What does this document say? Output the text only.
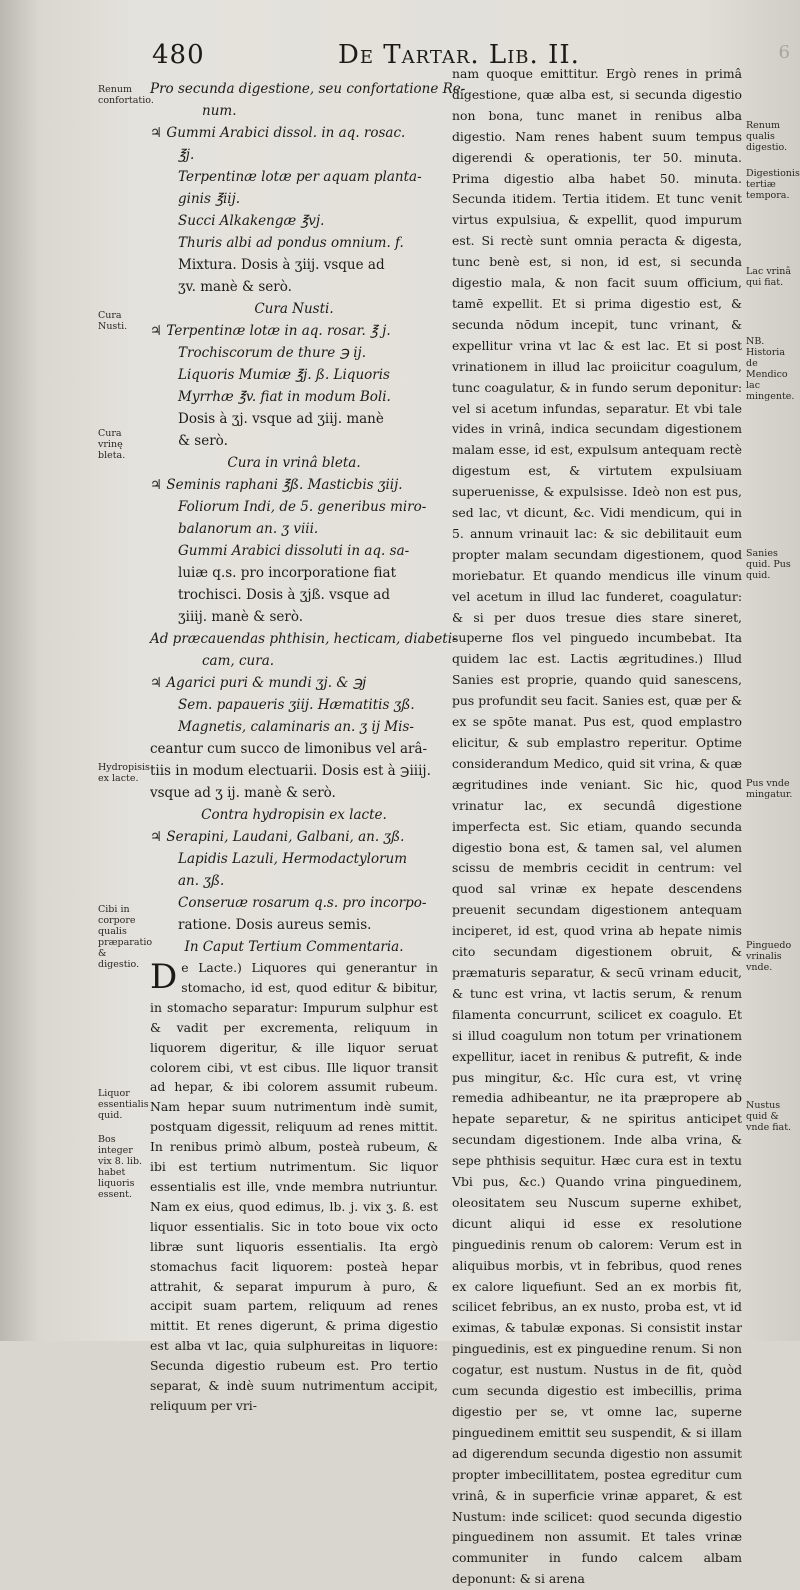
480	De Tartar. Lib. II.	6
Pro secunda digestione, seu confortatione Re-
num.
♃ Gummi Arabici dissol. in aq. rosac.
℥j.
Terpentinæ lotæ per aquam planta-
ginis ℥iij.
Succi Alkakengæ ℥vj.
Thuris albi ad pondus omnium. f.
Mixtura. Dosis à ʒiij. vsque ad
ʒv. manè & serò.
Cura Nusti.
♃ Terpentinæ lotæ in aq. rosar. ℥ j.
Trochiscorum de thure ℈ ij.
Liquoris Mumiæ ℥j. ß. Liquoris
Myrrhæ ℥v. fiat in modum Boli.
Dosis à ʒj. vsque ad ʒiij. manè
& serò.
Cura in vrinâ bleta.
♃ Seminis raphani ℥ß. Masticbis ʒiij.
Foliorum Indi, de 5. generibus miro-
balanorum an. ʒ viii.
Gummi Arabici dissoluti in aq. sa-
luiæ q.s. pro incorporatione fiat
trochisci. Dosis à ʒjß. vsque ad
ʒiiij. manè & serò.
Ad præcauendas phthisin, hecticam, diabeti-
cam, cura.
♃ Agarici puri & mundi ʒj. & ℈j
Sem. papaueris ʒiij. Hæmatitis ʒß.
Magnetis, calaminaris an. ʒ ij Mis-
ceantur cum succo de limonibus vel arâ-
tiis in modum electuarii. Dosis est à ℈iiij.
vsque ad ʒ ij. manè & serò.
Contra hydropisin ex lacte.
♃ Serapini, Laudani, Galbani, an. ʒß.
Lapidis Lazuli, Hermodactylorum
an. ʒß.
Conseruæ rosarum q.s. pro incorpo-
ratione. Dosis aureus semis.
In Caput Tertium Commentaria.
De Lacte.) Liquores qui generantur in stomacho, id est, quod editur & bibitur, in stomacho separatur: Impurum sulphur est & vadit per excrementa, reliquum in liquorem digeritur, & ille liquor seruat colorem cibi, vt est cibus. Ille liquor transit ad hepar, & ibi colorem assumit rubeum. Nam hepar suum nutrimentum indè sumit, postquam digessit, reliquum ad renes mittit. In renibus primò album, posteà rubeum, & ibi est tertium nutrimentum. Sic liquor essentialis est ille, vnde membra nutriuntur. Nam ex eius, quod edimus, lb. j. vix ʒ. ß. est liquor essentialis. Sic in toto boue vix octo libræ sunt liquoris essentialis. Ita ergò stomachus facit liquorem: posteà hepar attrahit, & separat impurum à puro, & accipit suam partem, reliquum ad renes mittit. Et renes digerunt, & prima digestio est alba vt lac, quia sulphureitas in liquore: Secunda digestio rubeum est. Pro tertio separat, & indè suum nutrimentum accipit, reliquum per vri-
nam quoque emittitur. Ergò renes in primâ digestione, quæ alba est, si secunda digestio non bona, tunc manet in renibus alba digestio. Nam renes habent suum tempus digerendi & operationis, ter 50. minuta. Prima digestio alba habet 50. minuta. Secunda itidem. Tertia itidem. Et tunc venit virtus expulsiua, & expellit, quod impurum est. Si rectè sunt omnia peracta & digesta, tunc benè est, si non, id est, si secunda digestio mala, & non facit suum officium, tamē expellit. Et si prima digestio est, & secunda nōdum incepit, tunc vrinant, & expellitur vrina vt lac & est lac. Et si post vrinationem in illud lac proiicitur coagulum, tunc coagulatur, & in fundo serum deponitur: vel si acetum infundas, separatur. Et vbi tale vides in vrinâ, indica secundam digestionem malam esse, id est, expulsum antequam rectè digestum est, & virtutem expulsiuam superuenisse, & expulsisse. Ideò non est pus, sed lac, vt dicunt, &c. Vidi mendicum, qui in 5. annum vrinauit lac: & sic debilitauit eum propter malam secundam digestionem, quod moriebatur. Et quando mendicus ille vinum vel acetum in illud lac funderet, coagulatur: & si per duos tresue dies stare sineret, superne flos vel pinguedo incumbebat. Ita quidem lac est. Lactis ægritudines.) Illud Sanies est proprie, quando quid sanescens, pus profundit seu facit. Sanies est, quæ per & ex se spōte manat. Pus est, quod emplastro elicitur, & sub emplastro reperitur. Optime considerandum Medico, quid sit vrina, & quæ ægritudines inde veniant. Sic hic, quod vrinatur lac, ex secundâ digestione imperfecta est. Sic etiam, quando secunda digestio bona est, & tamen sal, vel alumen scissu de membris cecidit in centrum: vel quod sal vrinæ ex hepate descendens preuenit secundam digestionem antequam inciperet, id est, quod vrina ab hepate nimis cito secundam digestionem obruit, & præmaturis separatur, & secū vrinam educit, & tunc est vrina, vt lactis serum, & renum filamenta concurrunt, scilicet ex coagulo. Et si illud coagulum non totum per vrinationem expellitur, iacet in renibus & putrefit, & inde pus mingitur, &c. Hîc cura est, vt vrinę remedia adhibeantur, ne ita præpropere ab hepate separetur, & ne spiritus anticipet secundam digestionem. Inde alba vrina, & sepe phthisis sequitur. Hæc cura est in textu Vbi pus, &c.) Quando vrina pinguedinem, oleositatem seu Nuscum superne exhibet, dicunt aliqui id esse ex resolutione pinguedinis renum ob calorem: Verum est in aliquibus morbis, vt in febribus, quod renes ex calore liquefiunt. Sed an ex morbis fit, scilicet febribus, an ex nusto, proba est, vt id eximas, & tabulæ exponas. Si consistit instar pinguedinis, est ex pinguedine renum. Si non cogatur, est nustum. Nustus in de fit, quòd cum secunda digestio est imbecillis, prima digestio per se, vt omne lac, superne pinguedinem emittit seu suspendit, & si illam ad digerendum secunda digestio non assumit propter imbecillitatem, postea egreditur cum vrinâ, & in superficie vrinæ apparet, & est Nustum: inde scilicet: quod secunda digestio pinguedinem non assumit. Et tales vrinæ communiter in fundo calcem albam deponunt: & si arena
Renum confortatio.
Cura Nusti.
Cura vrinę bleta.
Hydropisis ex lacte.
Cibi in corpore qualis præparatio & digestio.
Liquor essentialis quid.
Bos integer vix 8. lib. habet liquoris essent.
Renum qualis digestio.
Digestionis tertiæ tempora.
Lac vrinâ qui fiat.
NB. Historia de Mendico lac mingente.
Sanies quid. Pus quid.
Pus vnde mingatur.
Pinguedo vrinalis vnde.
Nustus quid & vnde fiat.
